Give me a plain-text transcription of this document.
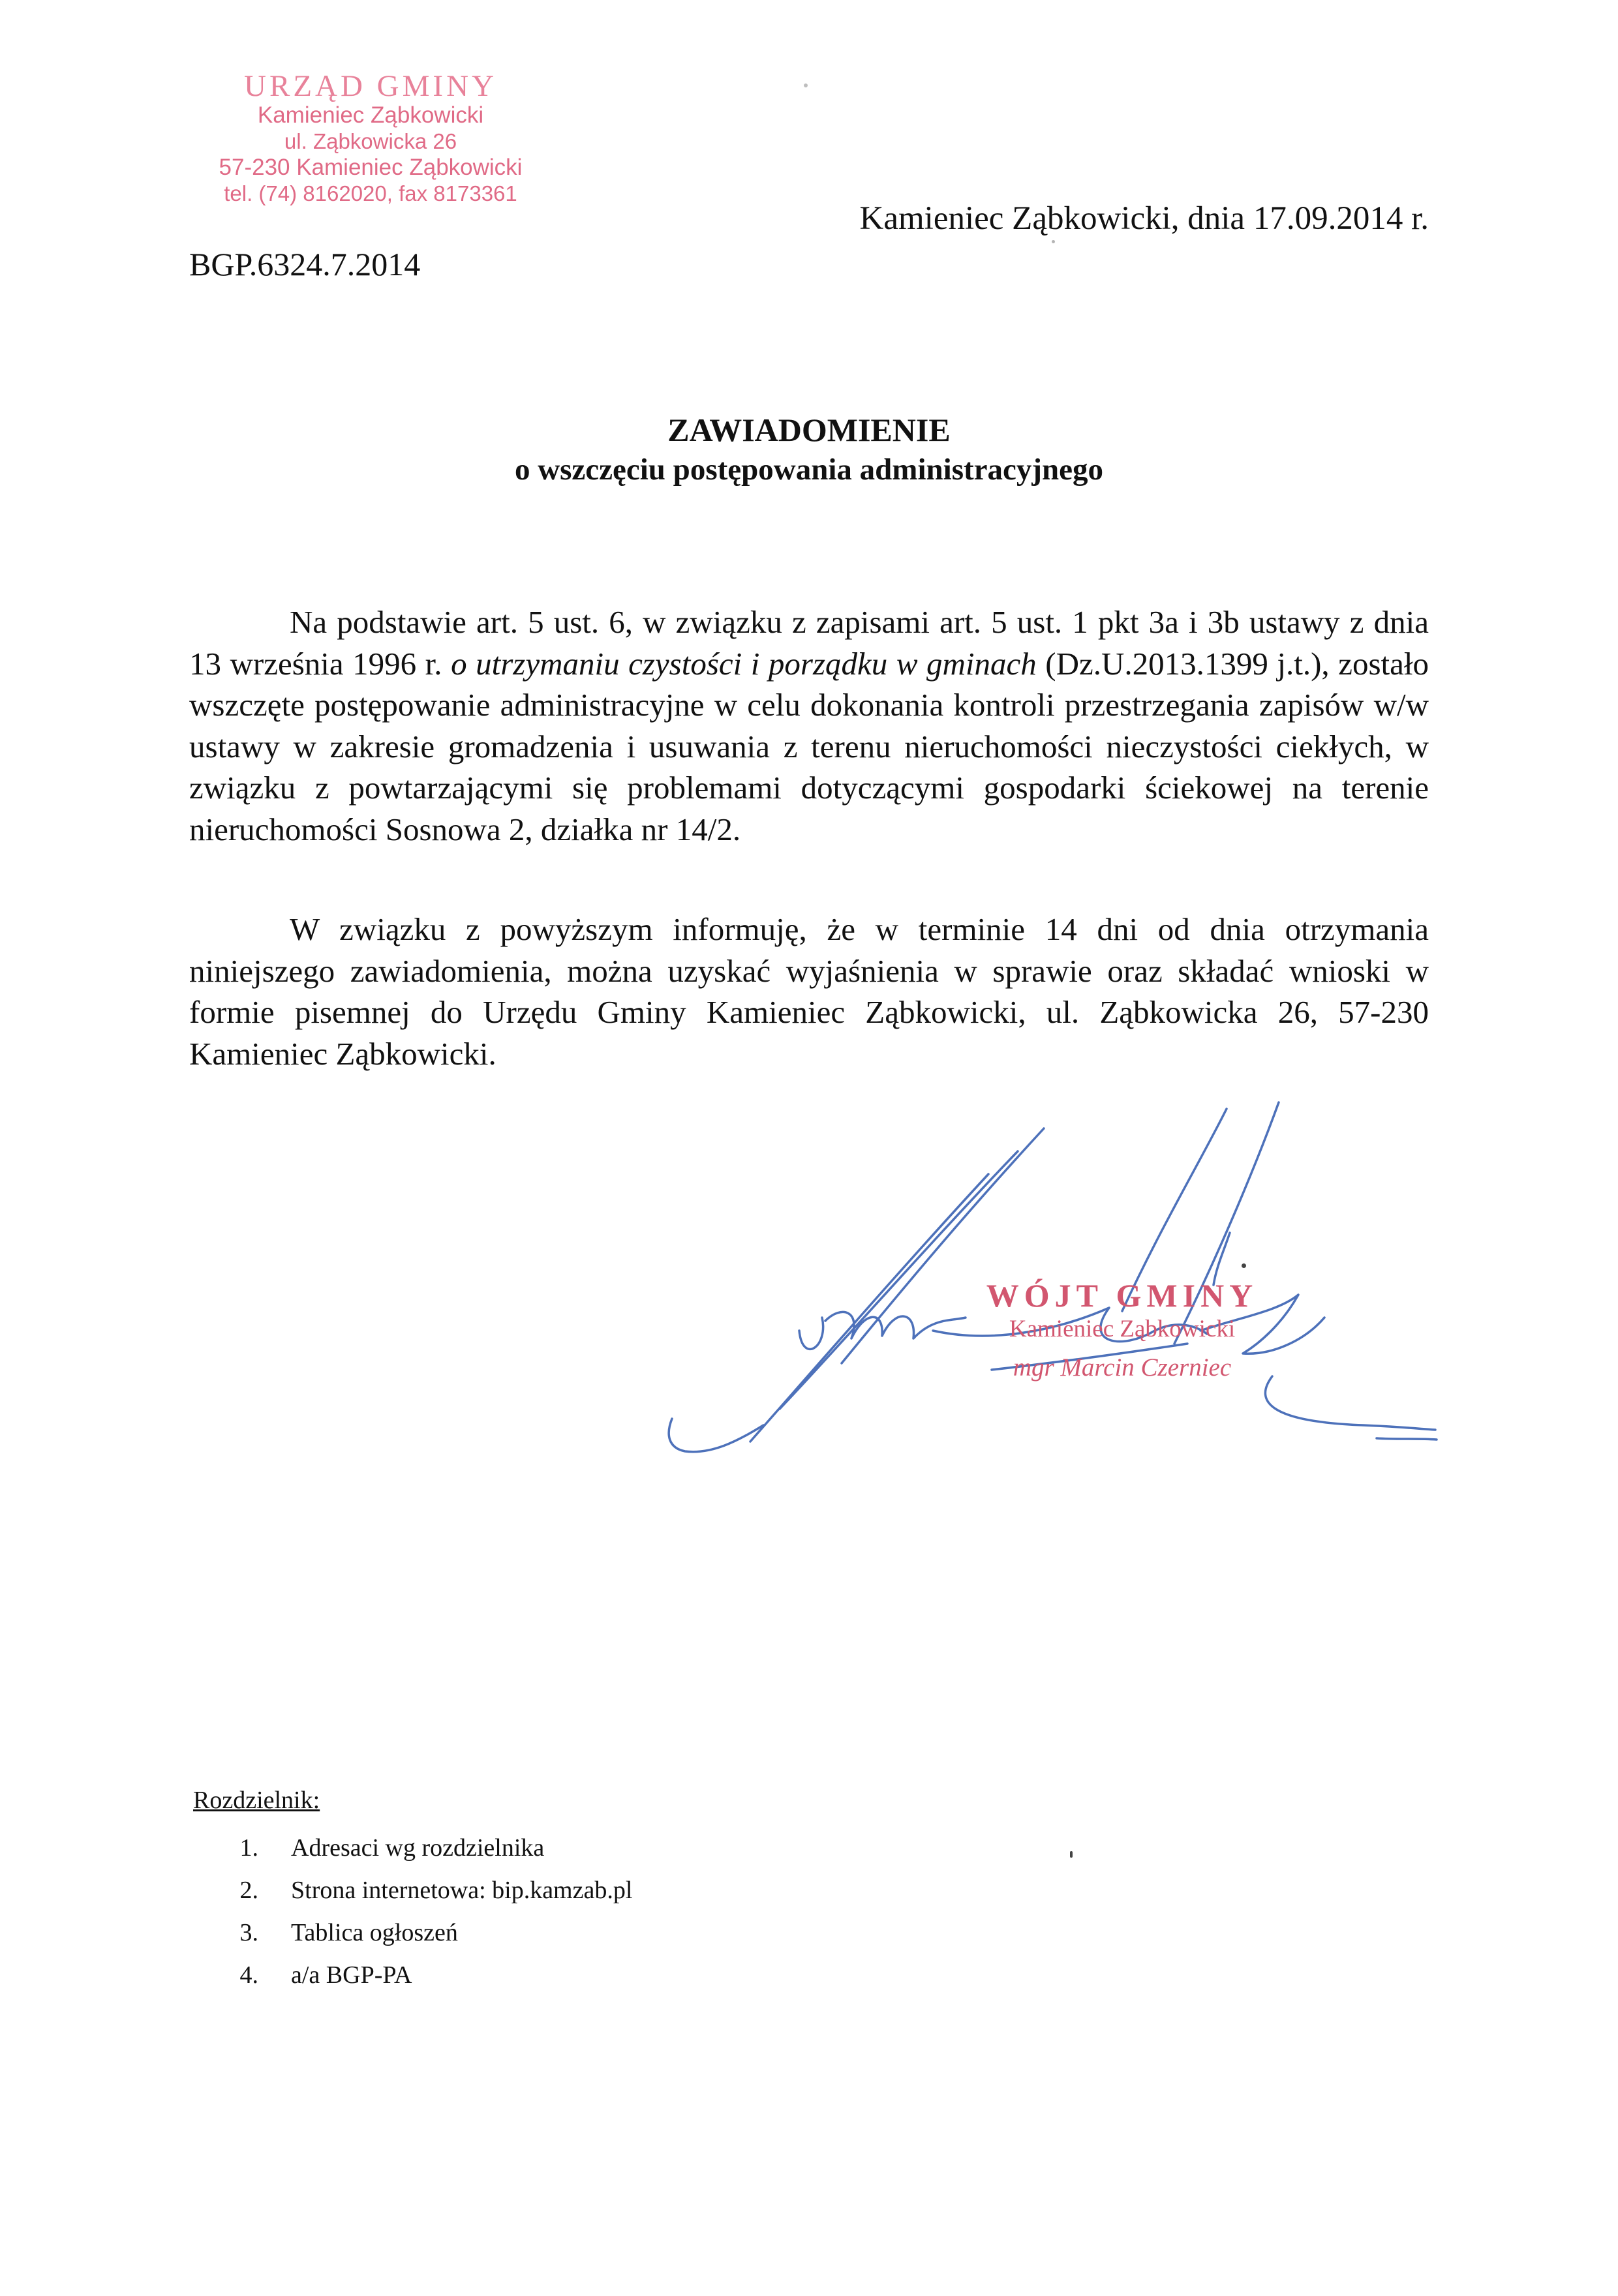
URZĄD GMINY
Kamieniec Ząbkowicki
ul. Ząbkowicka 26
57-230 Kamieniec Ząbkowicki
tel. (74) 8162020, fax 8173361
Kamieniec Ząbkowicki, dnia 17.09.2014 r.
BGP.6324.7.2014
ZAWIADOMIENIE
o wszczęciu postępowania administracyjnego

Na podstawie art. 5 ust. 6, w związku z zapisami art. 5 ust. 1 pkt 3a i 3b ustawy z dnia 13 września 1996 r. o utrzymaniu czystości i porządku w gminach (Dz.U.2013.1399 j.t.), zostało wszczęte postępowanie administracyjne w celu dokonania kontroli przestrzegania zapisów w/w ustawy w zakresie gromadzenia i usuwania z terenu nieruchomości nieczystości ciekłych, w związku z powtarzającymi się problemami dotyczącymi gospodarki ściekowej na terenie nieruchomości Sosnowa 2, działka nr 14/2.

W związku z powyższym informuję, że w terminie 14 dni od dnia otrzymania niniejszego zawiadomienia, można uzyskać wyjaśnienia w sprawie oraz składać wnioski w formie pisemnej do Urzędu Gminy Kamieniec Ząbkowicki, ul. Ząbkowicka 26, 57-230 Kamieniec Ząbkowicki.

WÓJT GMINY
Kamieniec Ząbkowicki
mgr Marcin Czerniec
Rozdzielnik:
1.	Adresaci wg rozdzielnika
2.	Strona internetowa: bip.kamzab.pl
3.	Tablica ogłoszeń
4.	a/a BGP-PA
